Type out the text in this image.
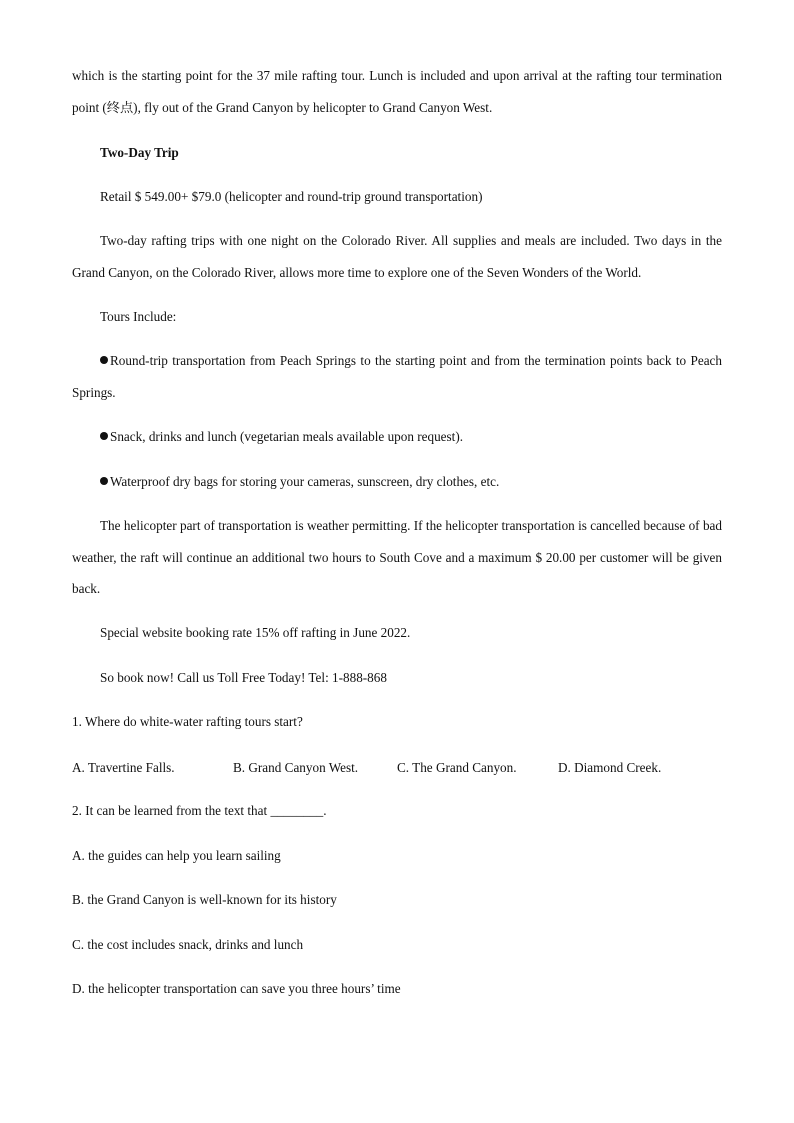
which is the starting point for the 37 mile rafting tour. Lunch is included and upon arrival at the rafting tour termination point (终点), fly out of the Grand Canyon by helicopter to Grand Canyon West.

Two-Day Trip

Retail $ 549.00+ $79.0 (helicopter and round-trip ground transportation)

Two-day rafting trips with one night on the Colorado River. All supplies and meals are included. Two days in the Grand Canyon, on the Colorado River, allows more time to explore one of the Seven Wonders of the World.

Tours Include:

Round-trip transportation from Peach Springs to the starting point and from the termination points back to Peach Springs.

Snack, drinks and lunch (vegetarian meals available upon request).

Waterproof dry bags for storing your cameras, sunscreen, dry clothes, etc.

The helicopter part of transportation is weather permitting. If the helicopter transportation is cancelled because of bad weather, the raft will continue an additional two hours to South Cove and a maximum $ 20.00 per customer will be given back.

Special website booking rate 15% off rafting in June 2022.

So book now! Call us Toll Free Today! Tel: 1-888-868

1. Where do white-water rafting tours start?

A. Travertine Falls.	B. Grand Canyon West.	C. The Grand Canyon.	D. Diamond Creek.

2. It can be learned from the text that ________.

A. the guides can help you learn sailing

B. the Grand Canyon is well-known for its history

C. the cost includes snack, drinks and lunch

D. the helicopter transportation can save you three hours’ time
